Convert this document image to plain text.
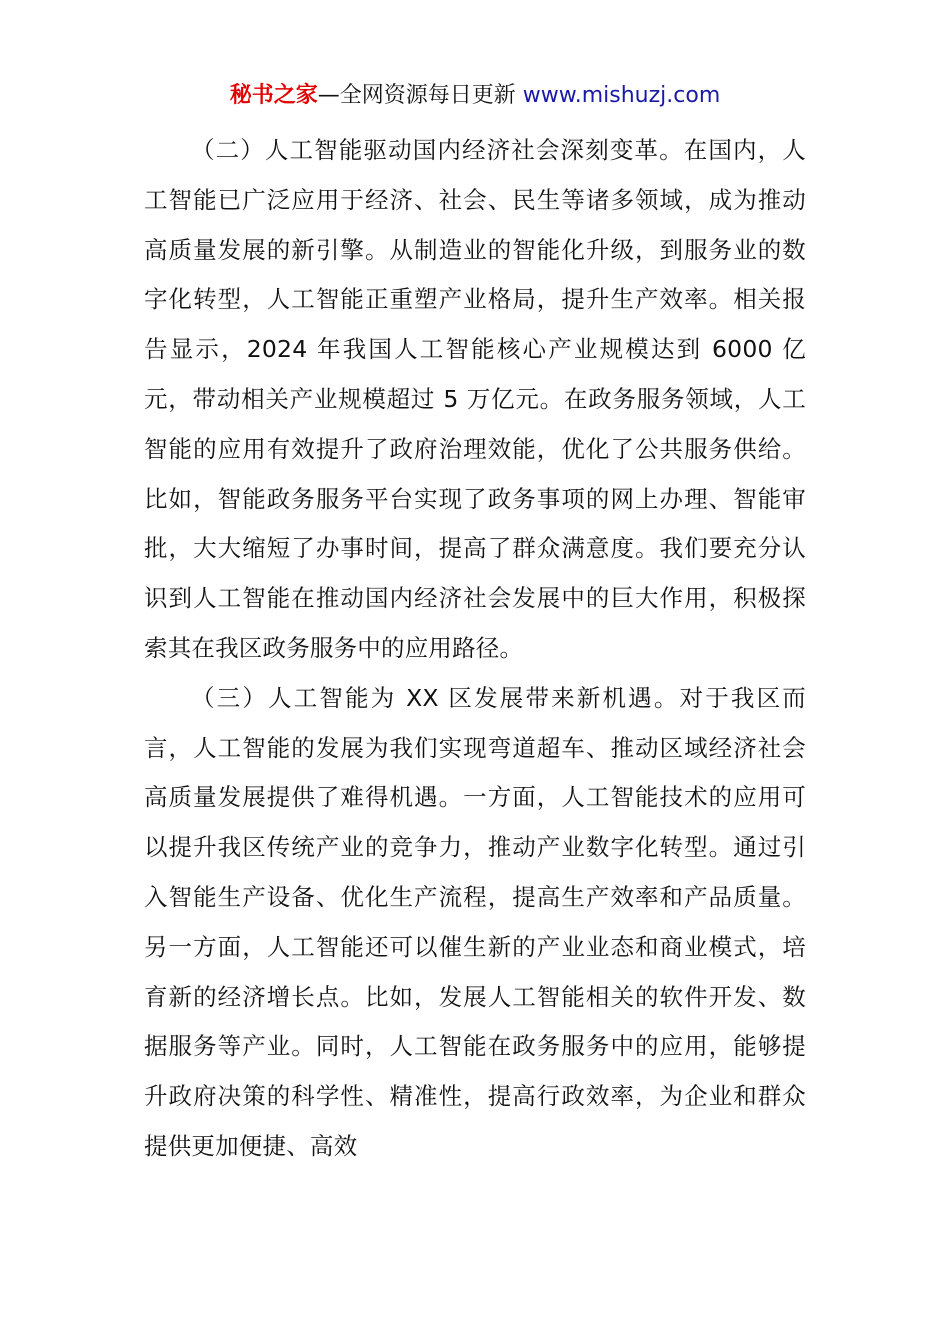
秘书之家—全网资源每日更新 www.mishuzj.com

（二）人工智能驱动国内经济社会深刻变革。在国内，人工智能已广泛应用于经济、社会、民生等诸多领域，成为推动高质量发展的新引擎。从制造业的智能化升级，到服务业的数字化转型，人工智能正重塑产业格局，提升生产效率。相关报告显示，2024 年我国人工智能核心产业规模达到 6000 亿元，带动相关产业规模超过 5 万亿元。在政务服务领域，人工智能的应用有效提升了政府治理效能，优化了公共服务供给。比如，智能政务服务平台实现了政务事项的网上办理、智能审批，大大缩短了办事时间，提高了群众满意度。我们要充分认识到人工智能在推动国内经济社会发展中的巨大作用，积极探索其在我区政务服务中的应用路径。

（三）人工智能为 XX 区发展带来新机遇。对于我区而言，人工智能的发展为我们实现弯道超车、推动区域经济社会高质量发展提供了难得机遇。一方面，人工智能技术的应用可以提升我区传统产业的竞争力，推动产业数字化转型。通过引入智能生产设备、优化生产流程，提高生产效率和产品质量。另一方面，人工智能还可以催生新的产业业态和商业模式，培育新的经济增长点。比如，发展人工智能相关的软件开发、数据服务等产业。同时，人工智能在政务服务中的应用，能够提升政府决策的科学性、精准性，提高行政效率，为企业和群众提供更加便捷、高效
